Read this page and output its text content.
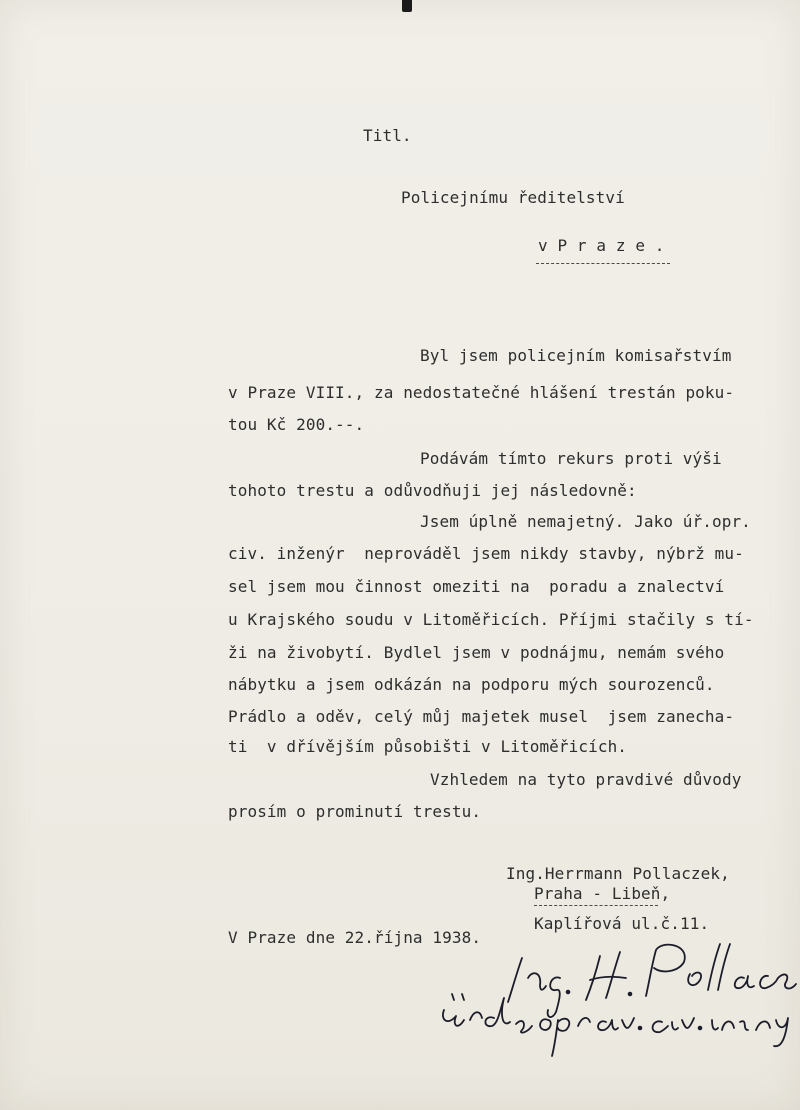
Titl.

Policejnímu ředitelství

v P r a z e .

Byl jsem policejním komisařstvím

v Praze VIII., za nedostatečné hlášení trestán poku-

tou Kč 200.--.

Podávám tímto rekurs proti výši

tohoto trestu a odůvodňuji jej následovně:

Jsem úplně nemajetný. Jako úř.opr.

civ. inženýr  neprováděl jsem nikdy stavby, nýbrž mu-

sel jsem mou činnost omeziti na  poradu a znalectví

u Krajského soudu v Litoměřicích. Příjmi stačily s tí-

ži na živobytí. Bydlel jsem v podnájmu, nemám svého

nábytku a jsem odkázán na podporu mých sourozenců.

Prádlo a oděv, celý můj majetek musel  jsem zanecha-

ti  v dřívějším působišti v Litoměřicích.

Vzhledem na tyto pravdivé důvody

prosím o prominutí trestu.

Ing.Herrmann Pollaczek,

Praha - Libeň,

Kaplířová ul.č.11.

V Praze dne 22.října 1938.
